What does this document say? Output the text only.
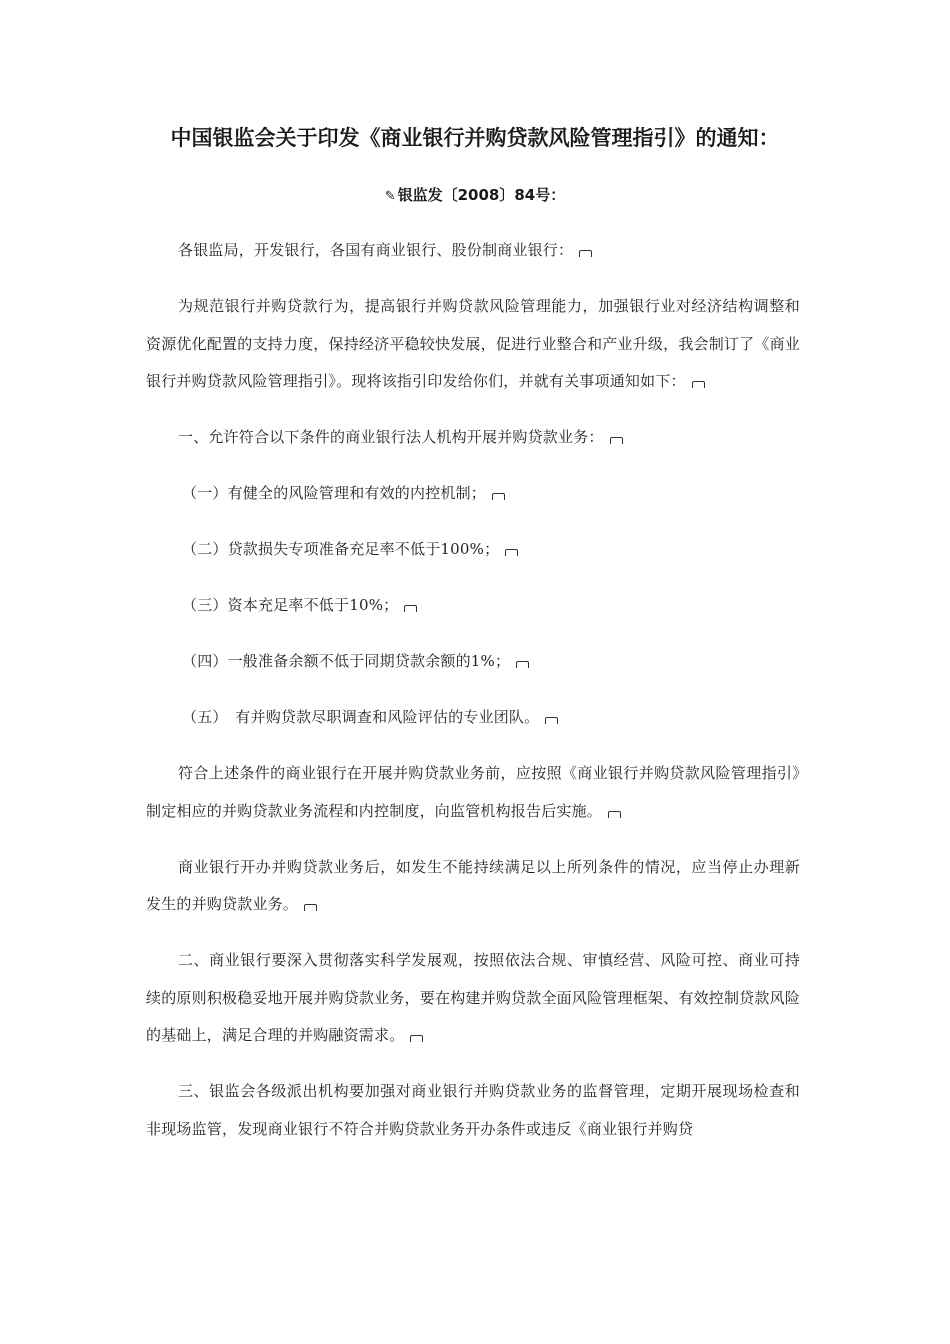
中国银监会关于印发《商业银行并购贷款风险管理指引》的通知：
✎ 银监发〔2008〕84号：

各银监局，开发银行，各国有商业银行、股份制商业银行：

为规范银行并购贷款行为，提高银行并购贷款风险管理能力，加强银行业对经济结构调整和资源优化配置的支持力度，保持经济平稳较快发展，促进行业整合和产业升级，我会制订了《商业银行并购贷款风险管理指引》。现将该指引印发给你们，并就有关事项通知如下：

一、允许符合以下条件的商业银行法人机构开展并购贷款业务：

（一）有健全的风险管理和有效的内控机制；

（二）贷款损失专项准备充足率不低于100%；

（三）资本充足率不低于10%；

（四）一般准备余额不低于同期贷款余额的1%；

（五）　有并购贷款尽职调查和风险评估的专业团队。

符合上述条件的商业银行在开展并购贷款业务前，应按照《商业银行并购贷款风险管理指引》制定相应的并购贷款业务流程和内控制度，向监管机构报告后实施。

商业银行开办并购贷款业务后，如发生不能持续满足以上所列条件的情况，应当停止办理新发生的并购贷款业务。

二、商业银行要深入贯彻落实科学发展观，按照依法合规、审慎经营、风险可控、商业可持续的原则积极稳妥地开展并购贷款业务，要在构建并购贷款全面风险管理框架、有效控制贷款风险的基础上，满足合理的并购融资需求。

三、银监会各级派出机构要加强对商业银行并购贷款业务的监督管理，定期开展现场检查和非现场监管，发现商业银行不符合并购贷款业务开办条件或违反《商业银行并购贷
